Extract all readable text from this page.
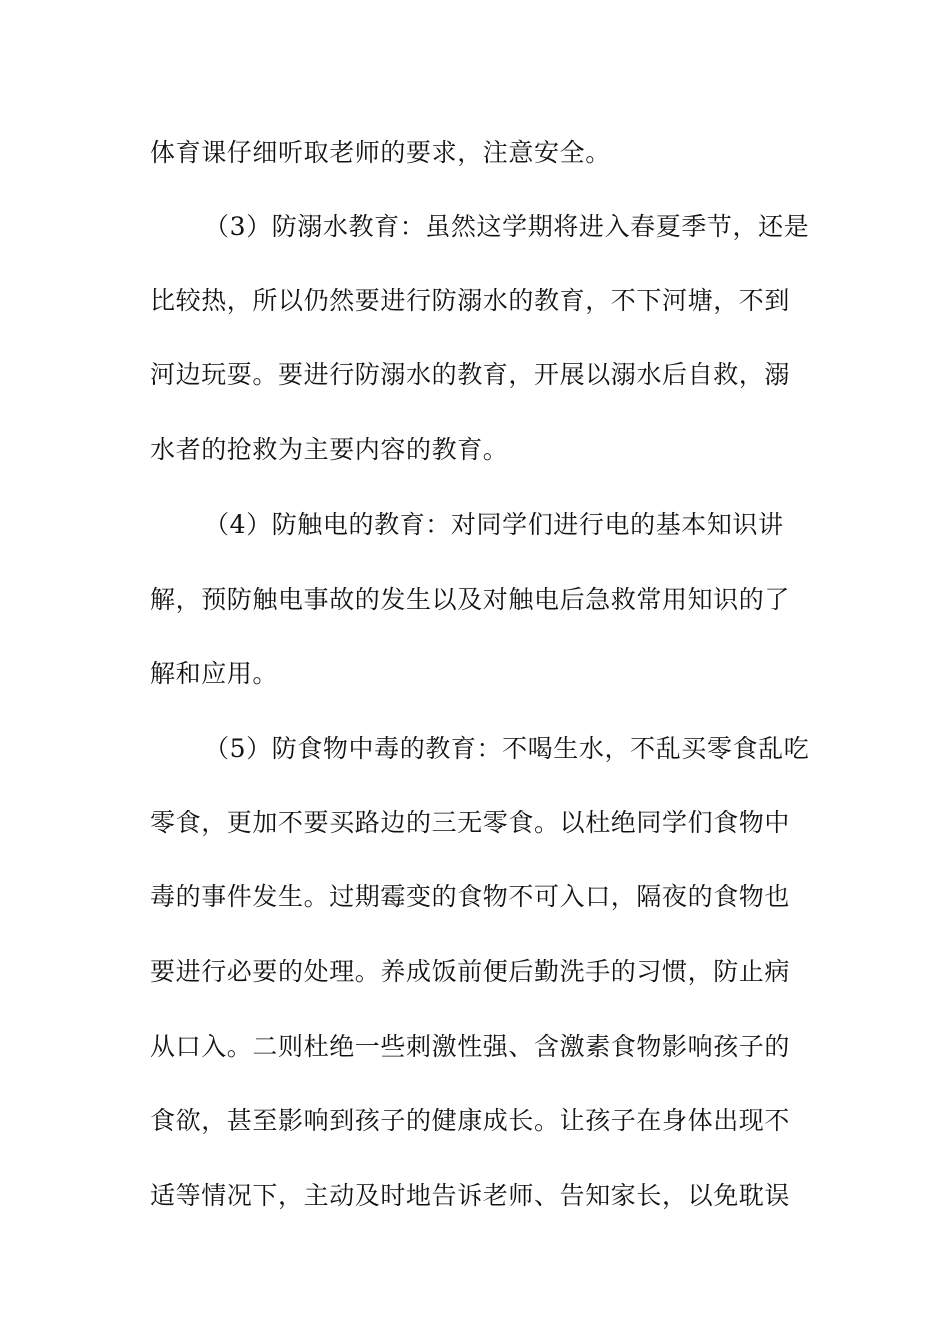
体育课仔细听取老师的要求，注意安全。
（3）防溺水教育：虽然这学期将进入春夏季节，还是
比较热，所以仍然要进行防溺水的教育，不下河塘，不到
河边玩耍。要进行防溺水的教育，开展以溺水后自救，溺
水者的抢救为主要内容的教育。
（4）防触电的教育：对同学们进行电的基本知识讲
解，预防触电事故的发生以及对触电后急救常用知识的了
解和应用。
（5）防食物中毒的教育：不喝生水，不乱买零食乱吃
零食，更加不要买路边的三无零食。以杜绝同学们食物中
毒的事件发生。过期霉变的食物不可入口，隔夜的食物也
要进行必要的处理。养成饭前便后勤洗手的习惯，防止病
从口入。二则杜绝一些刺激性强、含激素食物影响孩子的
食欲，甚至影响到孩子的健康成长。让孩子在身体出现不
适等情况下，主动及时地告诉老师、告知家长，以免耽误
